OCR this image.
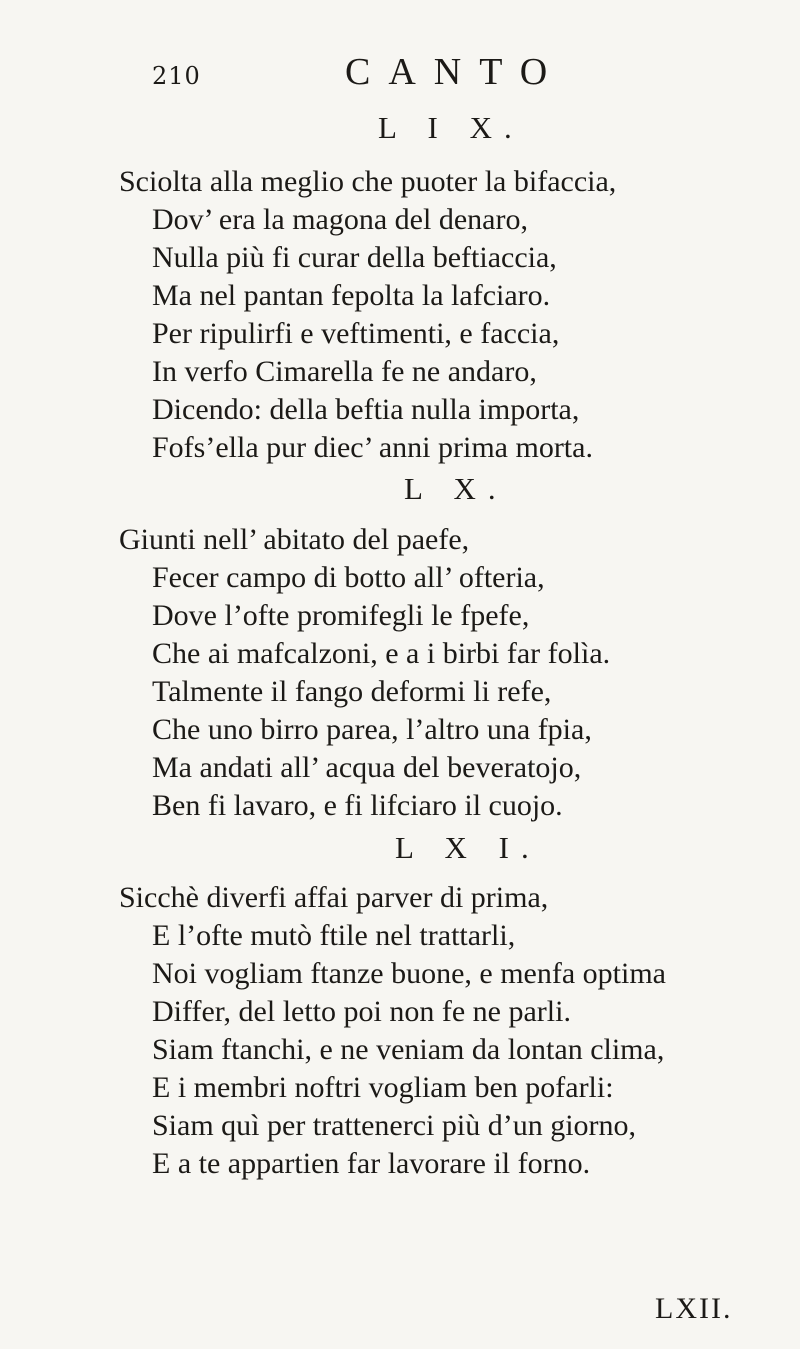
210	CANTO
L I X.
Sciolta alla meglio che puoter la bifaccia,
Dov’ era la magona del denaro,
Nulla più fi curar della beftiaccia,
Ma nel pantan fepolta la lafciaro.
Per ripulirfi e veftimenti, e faccia,
In verfo Cimarella fe ne andaro,
Dicendo: della beftia nulla importa,
Fofs’ella pur diec’ anni prima morta.
L X.
Giunti nell’ abitato del paefe,
Fecer campo di botto all’ ofteria,
Dove l’ofte promifegli le fpefe,
Che ai mafcalzoni, e a i birbi far folìa.
Talmente il fango deformi li refe,
Che uno birro parea, l’altro una fpia,
Ma andati all’ acqua del beveratojo,
Ben fi lavaro, e fi lifciaro il cuojo.
L X I.
Sicchè diverfi affai parver di prima,
E l’ofte mutò ftile nel trattarli,
Noi vogliam ftanze buone, e menfa optima
Differ, del letto poi non fe ne parli.
Siam ftanchi, e ne veniam da lontan clima,
E i membri noftri vogliam ben pofarli:
Siam quì per trattenerci più d’un giorno,
E a te appartien far lavorare il forno.
LXII.
